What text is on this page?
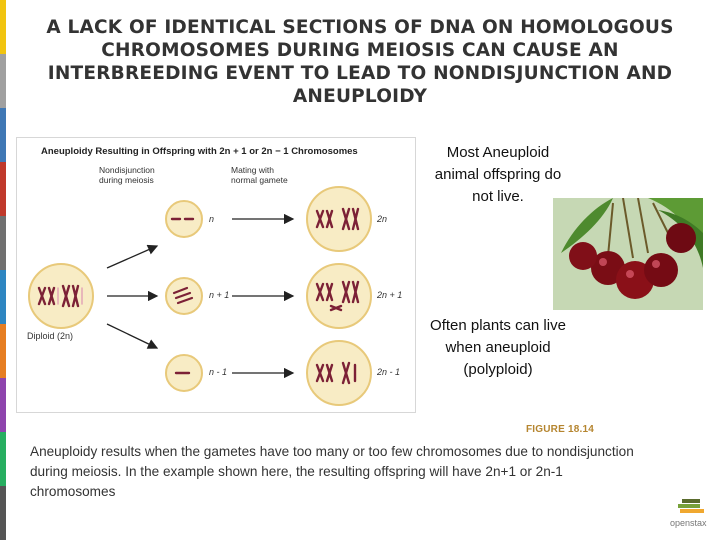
A LACK OF IDENTICAL SECTIONS OF DNA ON HOMOLOGOUS CHROMOSOMES DURING MEIOSIS CAN CAUSE AN INTERBREEDING EVENT TO LEAD TO NONDISJUNCTION AND ANEUPLOIDY
Aneuploidy Resulting in Offspring with 2n + 1 or 2n − 1 Chromosomes
Nondisjunction
during meiosis
Mating with
normal gamete
Diploid (2n)
n
n + 1
n - 1
2n
2n + 1
2n - 1
Most Aneuploid animal offspring do not live.
Often plants can live when aneuploid (polyploid)
FIGURE 18.14
Aneuploidy results when the gametes have too many or too few chromosomes due to nondisjunction during meiosis. In the example shown here, the resulting offspring will have 2n+1 or 2n-1 chromosomes
openstax
